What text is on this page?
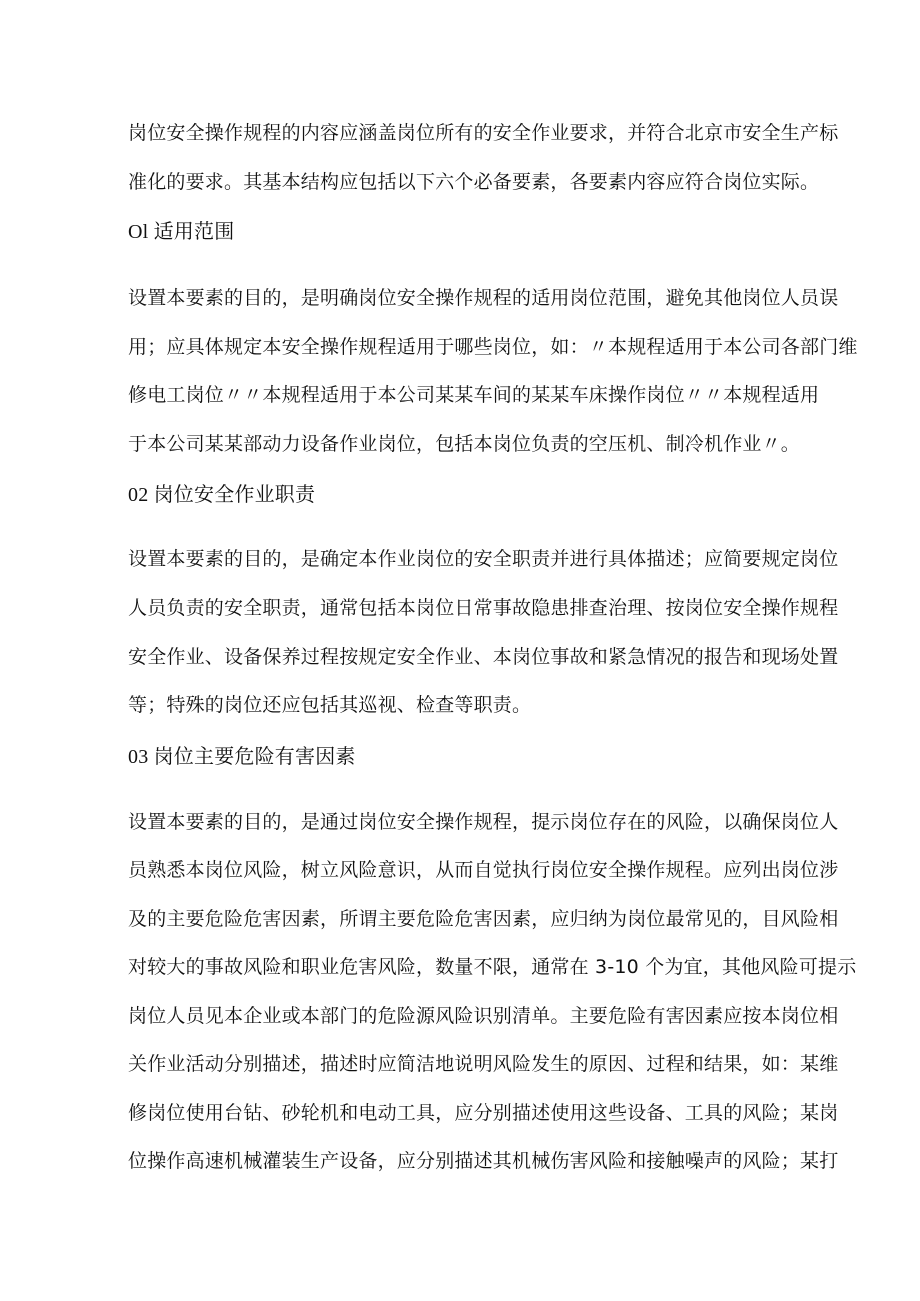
岗位安全操作规程的内容应涵盖岗位所有的安全作业要求，并符合北京市安全生产标
准化的要求。其基本结构应包括以下六个必备要素，各要素内容应符合岗位实际。
Ol 适用范围
设置本要素的目的，是明确岗位安全操作规程的适用岗位范围，避免其他岗位人员误
用；应具体规定本安全操作规程适用于哪些岗位，如：〃本规程适用于本公司各部门维
修电工岗位〃〃本规程适用于本公司某某车间的某某车床操作岗位〃〃本规程适用
于本公司某某部动力设备作业岗位，包括本岗位负责的空压机、制冷机作业〃。
02 岗位安全作业职责
设置本要素的目的，是确定本作业岗位的安全职责并进行具体描述；应简要规定岗位
人员负责的安全职责，通常包括本岗位日常事故隐患排查治理、按岗位安全操作规程
安全作业、设备保养过程按规定安全作业、本岗位事故和紧急情况的报告和现场处置
等；特殊的岗位还应包括其巡视、检查等职责。
03 岗位主要危险有害因素
设置本要素的目的，是通过岗位安全操作规程，提示岗位存在的风险，以确保岗位人
员熟悉本岗位风险，树立风险意识，从而自觉执行岗位安全操作规程。应列出岗位涉
及的主要危险危害因素，所谓主要危险危害因素，应归纳为岗位最常见的，目风险相
对较大的事故风险和职业危害风险，数量不限，通常在 3-10 个为宜，其他风险可提示
岗位人员见本企业或本部门的危险源风险识别清单。主要危险有害因素应按本岗位相
关作业活动分别描述，描述时应简洁地说明风险发生的原因、过程和结果，如：某维
修岗位使用台钻、砂轮机和电动工具，应分别描述使用这些设备、工具的风险；某岗
位操作高速机械灌装生产设备，应分别描述其机械伤害风险和接触噪声的风险；某打
